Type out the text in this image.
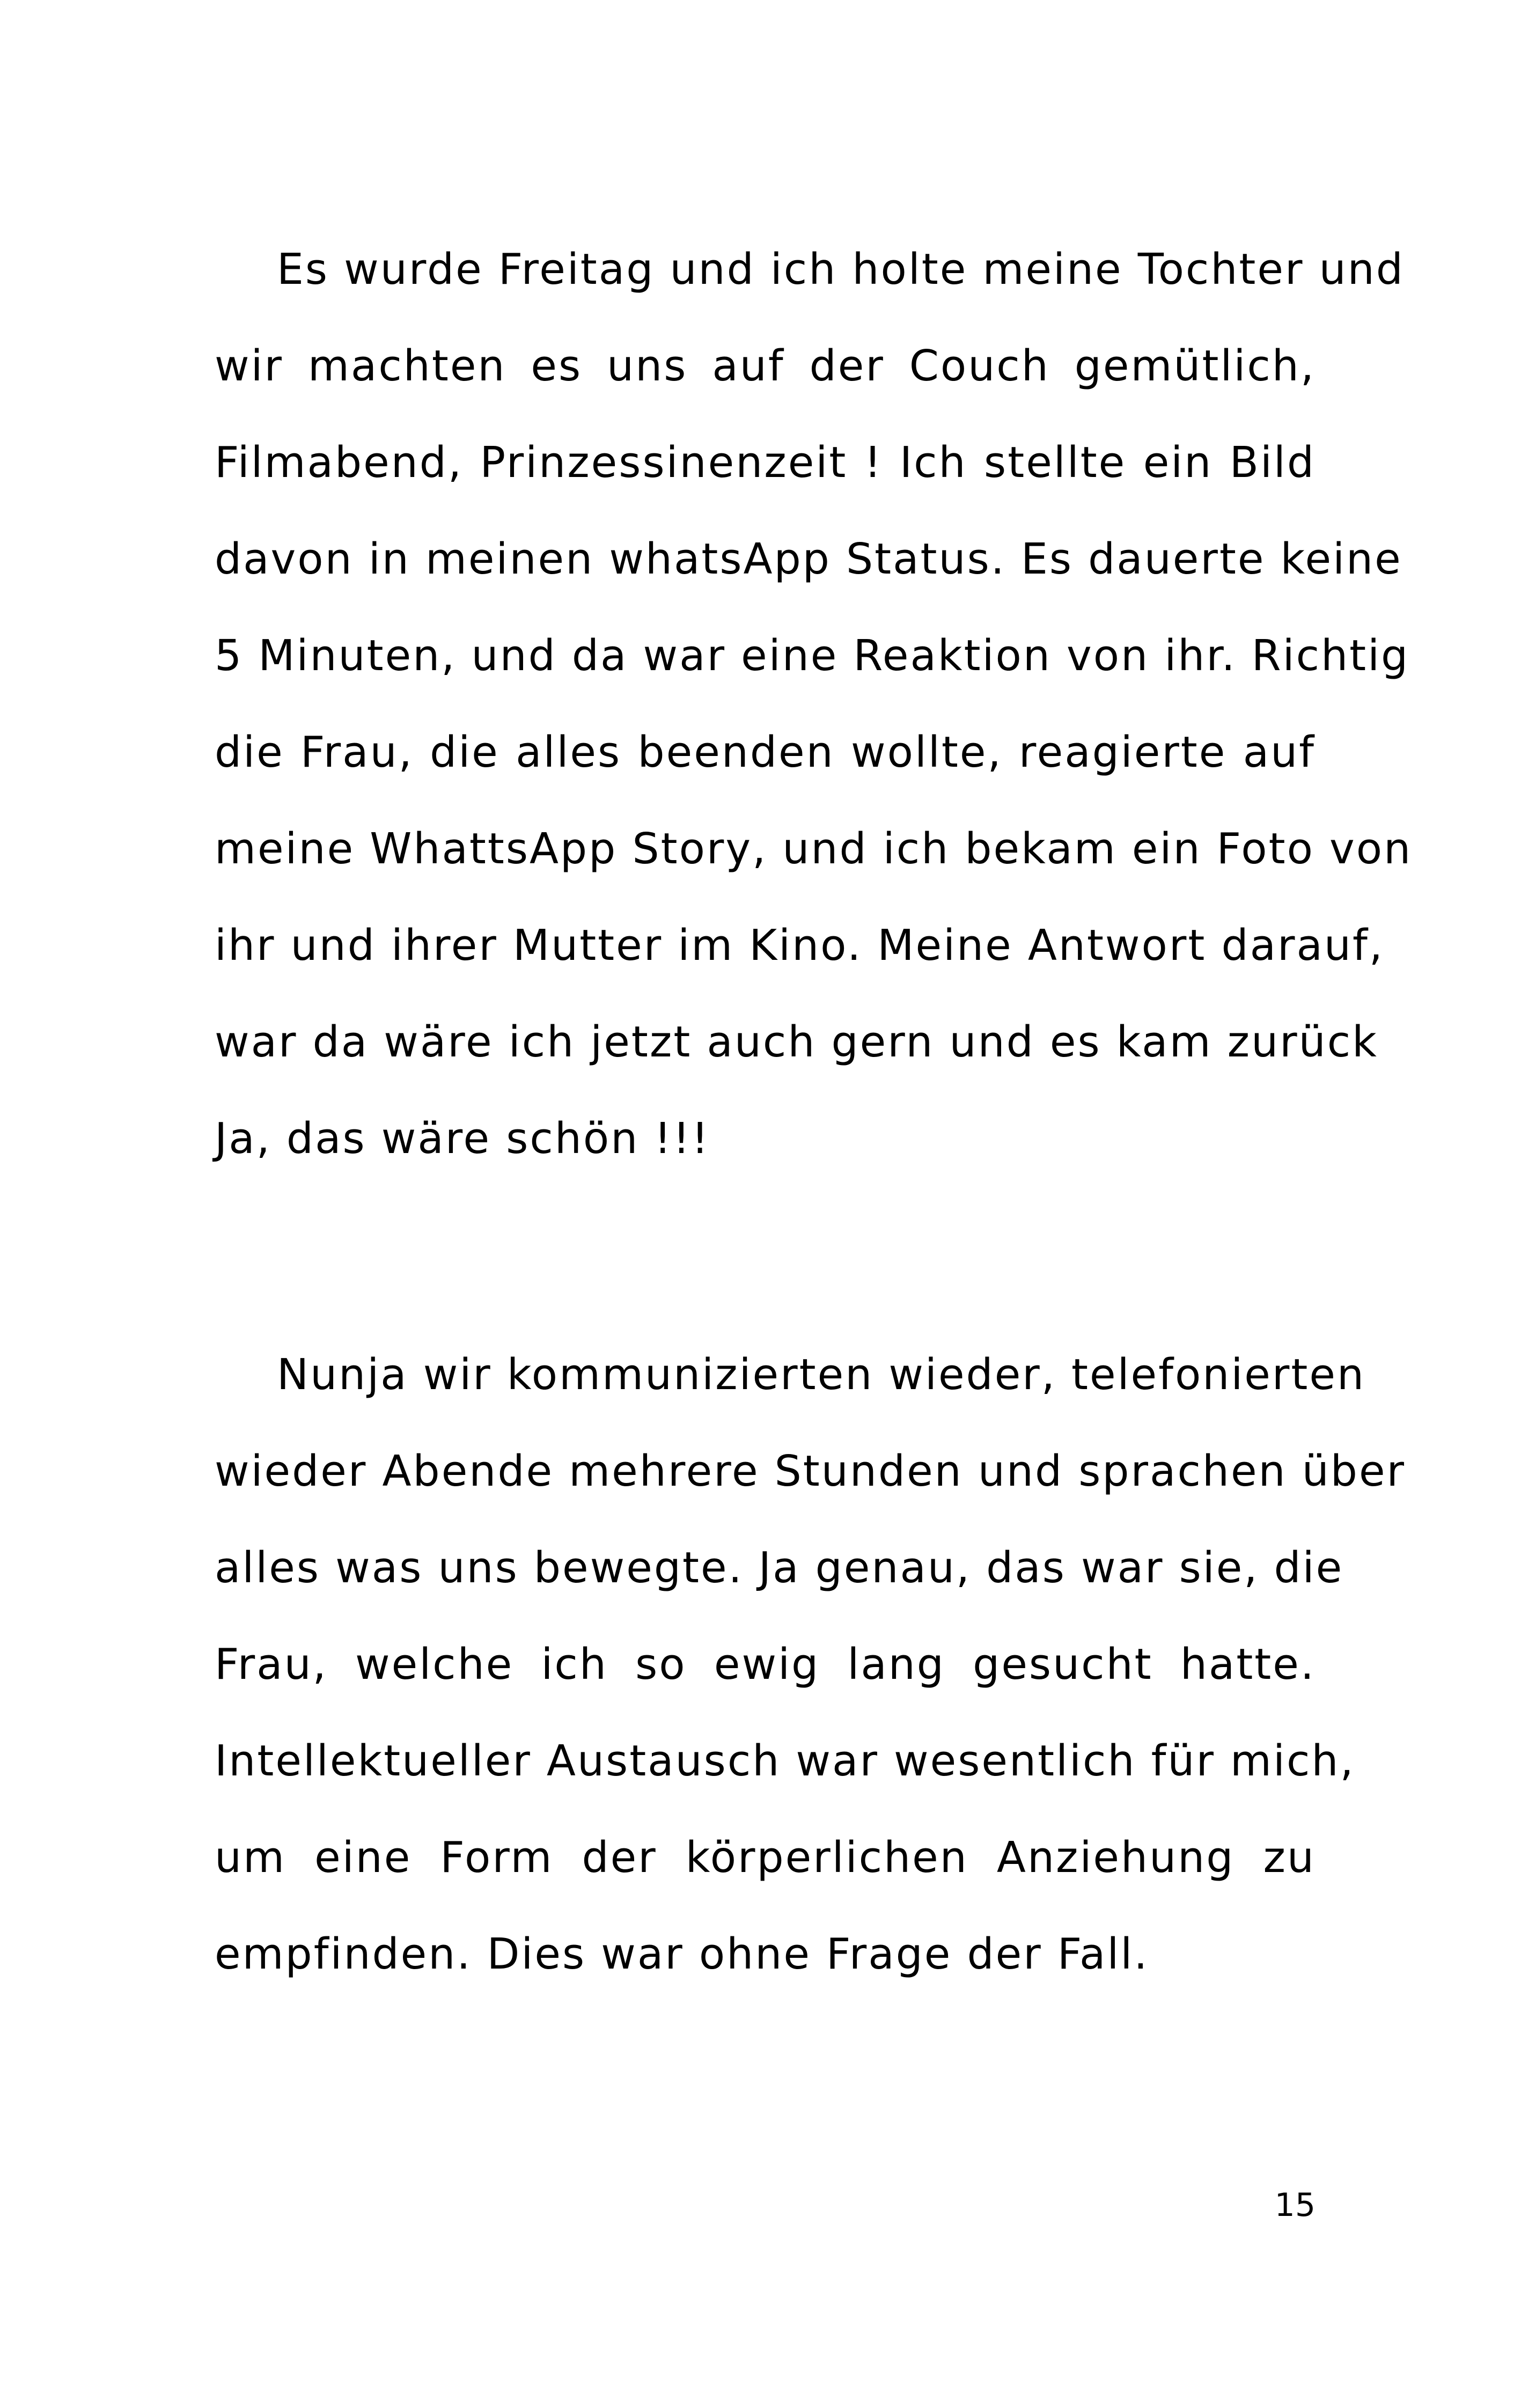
Es wurde Freitag und ich holte meine Tochter und
wir machten es uns auf der Couch gemütlich,
Filmabend, Prinzessinenzeit ! Ich stellte ein Bild
davon in meinen whatsApp Status. Es dauerte keine
5 Minuten, und da war eine Reaktion von ihr. Richtig
die Frau, die alles beenden wollte, reagierte auf
meine WhattsApp Story, und ich bekam ein Foto von
ihr und ihrer Mutter im Kino. Meine Antwort darauf,
war da wäre ich jetzt auch gern und es kam zurück
Ja, das wäre schön !!!
Nunja wir kommunizierten wieder, telefonierten
wieder Abende mehrere Stunden und sprachen über
alles was uns bewegte. Ja genau, das war sie, die
Frau, welche ich so ewig lang gesucht hatte.
Intellektueller Austausch war wesentlich für mich,
um eine Form der körperlichen Anziehung zu
empfinden. Dies war ohne Frage der Fall.
15
